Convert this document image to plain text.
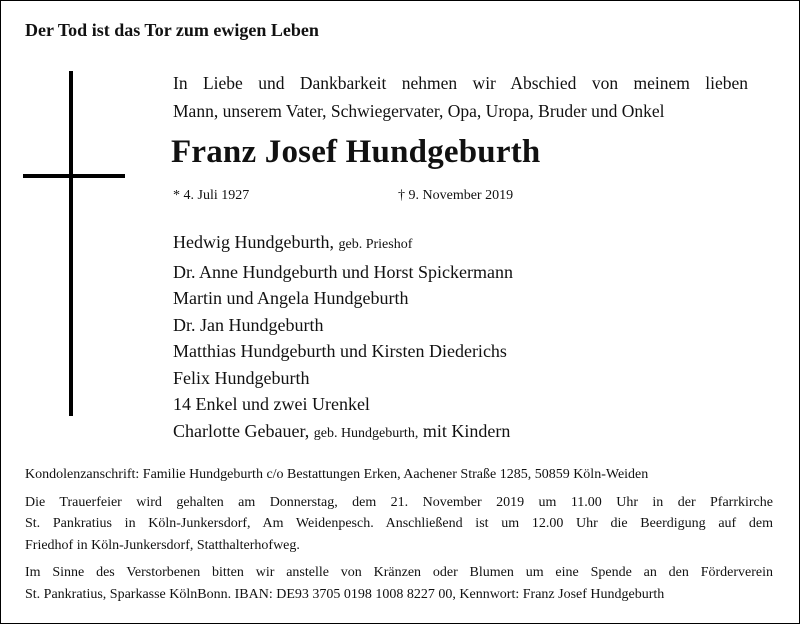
Der Tod ist das Tor zum ewigen Leben
In Liebe und Dankbarkeit nehmen wir Abschied von meinem lieben
Mann, unserem Vater, Schwiegervater, Opa, Uropa, Bruder und Onkel
Franz Josef Hundgeburth
* 4. Juli 1927	† 9. November 2019
Hedwig Hundgeburth, geb. Prieshof
Dr. Anne Hundgeburth und Horst Spickermann
Martin und Angela Hundgeburth
Dr. Jan Hundgeburth
Matthias Hundgeburth und Kirsten Diederichs
Felix Hundgeburth
14 Enkel und zwei Urenkel
Charlotte Gebauer, geb. Hundgeburth, mit Kindern
Kondolenzanschrift: Familie Hundgeburth c/o Bestattungen Erken, Aachener Straße 1285, 50859 Köln-Weiden
Die Trauerfeier wird gehalten am Donnerstag, dem 21. November 2019 um 11.00 Uhr in der Pfarrkirche
St. Pankratius in Köln-Junkersdorf, Am Weidenpesch. Anschließend ist um 12.00 Uhr die Beerdigung auf dem
Friedhof in Köln-Junkersdorf, Statthalterhofweg.
Im Sinne des Verstorbenen bitten wir anstelle von Kränzen oder Blumen um eine Spende an den Förderverein
St. Pankratius, Sparkasse KölnBonn. IBAN: DE93 3705 0198 1008 8227 00, Kennwort: Franz Josef Hundgeburth
